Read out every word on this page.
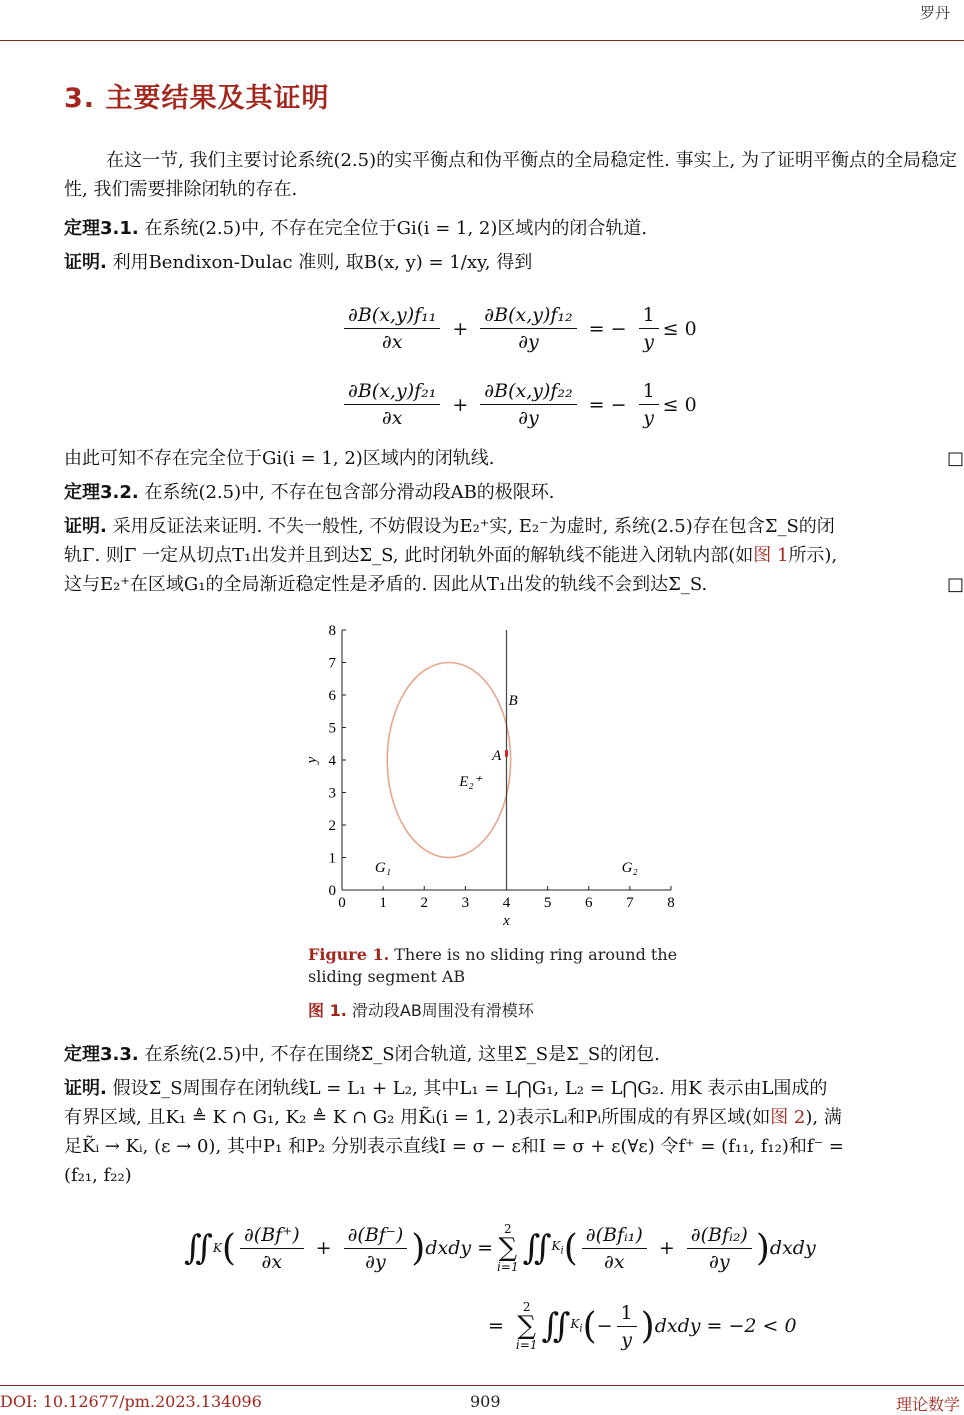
罗丹
3. 主要结果及其证明
在这一节, 我们主要讨论系统(2.5)的实平衡点和伪平衡点的全局稳定性. 事实上, 为了证明平衡点的全局稳定性, 我们需要排除闭轨的存在.
定理3.1. 在系统(2.5)中, 不存在完全位于Gi(i = 1, 2)区域内的闭合轨道.
证明. 利用Bendixon-Dulac 准则, 取B(x, y) = 1/xy, 得到
$\frac{\text{∂B(x,y)f₁₁}}{\partial x} + \frac{\text{∂B(x,y)f₁₂}}{\partial y}$ = − $\frac{1}{y} \le 0$
$\frac{\text{∂B(x,y)f₂₁}}{\partial x} + \frac{\text{∂B(x,y)f₂₂}}{\partial y}$ = − $\frac{1}{y} \le 0$
由此可知不存在完全位于Gi(i = 1, 2)区域内的闭轨线.	□
定理3.2. 在系统(2.5)中, 不存在包含部分滑动段AB的极限环.
证明. 采用反证法来证明. 不失一般性, 不妨假设为E₂⁺实, E₂⁻为虚时, 系统(2.5)存在包含Σ_S的闭
轨Γ. 则Γ 一定从切点T₁出发并且到达Σ_S, 此时闭轨外面的解轨线不能进入闭轨内部(如图 1所示),
这与E₂⁺在区域G₁的全局渐近稳定性是矛盾的. 因此从T₁出发的轨线不会到达Σ_S.	□
0 1 2 3 4 5 6 7 8
0
1
2
3
4
5
6
7
8
x
y
B
A
E₂⁺
G₁	G₂
Figure 1. There is no sliding ring around the sliding segment AB
图 1. 滑动段AB周围没有滑模环
定理3.3. 在系统(2.5)中, 不存在围绕Σ̄_S闭合轨道, 这里Σ̄_S是Σ_S的闭包.
证明. 假设Σ̄_S周围存在闭轨线L = L₁ + L₂, 其中L₁ = L⋂G₁, L₂ = L⋂G₂. 用K 表示由L围成的
有界区域, 且K₁ ≜ K ∩ G₁, K₂ ≜ K ∩ G₂ 用K̃ᵢ(i = 1, 2)表示Lᵢ和Pᵢ所围成的有界区域(如图 2), 满
足K̃ᵢ → Kᵢ, (ε → 0), 其中P₁ 和P₂ 分别表示直线I = σ − ε和I = σ + ε(∀ε) 令f⁺ = (f₁₁, f₁₂)和f⁻ =
(f₂₁, f₂₂)
∬ K ( $\frac{\partial(Bf^+)}{\partial x} + \frac{\partial(Bf^-)}{\partial y}$ ) dxdy =
2
∑
i=1 ∬ $K_i$ ( $\frac{\text{∂(Bfᵢ₁)}}{\partial x} + \frac{\text{∂(Bfᵢ₂)}}{\partial y}$ ) dxdy
=
2
∑
i=1 ∬ $K_i$ ( − $\frac{1}{y}$ ) dxdy = −2 < 0
DOI: 10.12677/pm.2023.134096	909	理论数学
